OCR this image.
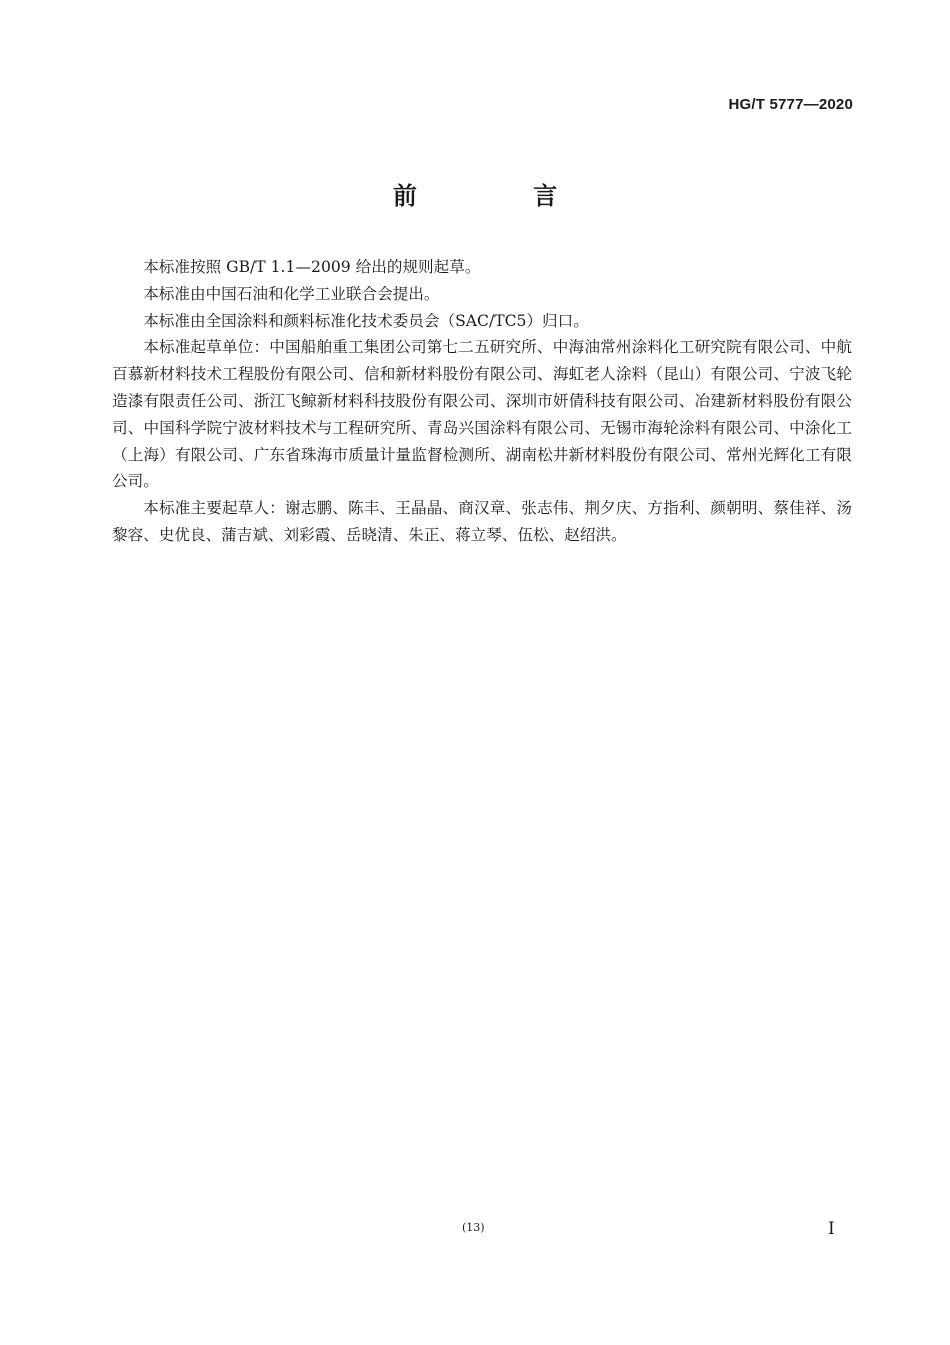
HG/T 5777—2020
前 言

本标准按照 GB/T 1.1—2009 给出的规则起草。

本标准由中国石油和化学工业联合会提出。

本标准由全国涂料和颜料标准化技术委员会（SAC/TC5）归口。

本标准起草单位：中国船舶重工集团公司第七二五研究所、中海油常州涂料化工研究院有限公司、中航百慕新材料技术工程股份有限公司、信和新材料股份有限公司、海虹老人涂料（昆山）有限公司、宁波飞轮造漆有限责任公司、浙江飞鲸新材料科技股份有限公司、深圳市妍倩科技有限公司、冶建新材料股份有限公司、中国科学院宁波材料技术与工程研究所、青岛兴国涂料有限公司、无锡市海轮涂料有限公司、中涂化工（上海）有限公司、广东省珠海市质量计量监督检测所、湖南松井新材料股份有限公司、常州光辉化工有限公司。

本标准主要起草人：谢志鹏、陈丰、王晶晶、商汉章、张志伟、荆夕庆、方指利、颜朝明、蔡佳祥、汤黎容、史优良、蒲吉斌、刘彩霞、岳晓清、朱正、蒋立琴、伍松、赵绍洪。

(13)	I
